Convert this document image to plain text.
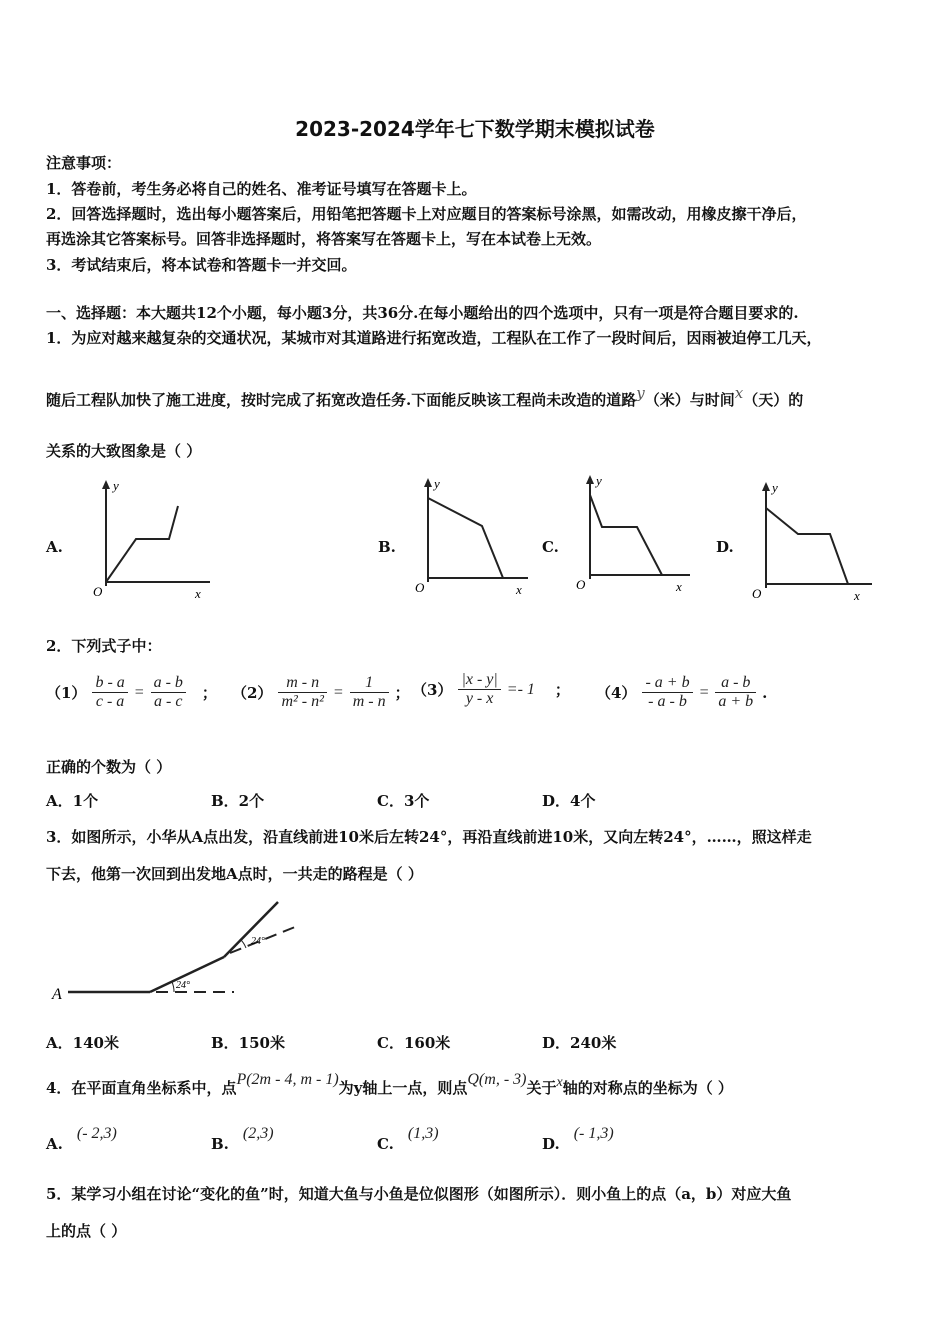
2023-2024学年七下数学期末模拟试卷
注意事项：
1．答卷前，考生务必将自己的姓名、准考证号填写在答题卡上。
2．回答选择题时，选出每小题答案后，用铅笔把答题卡上对应题目的答案标号涂黑，如需改动，用橡皮擦干净后，
再选涂其它答案标号。回答非选择题时，将答案写在答题卡上，写在本试卷上无效。
3．考试结束后，将本试卷和答题卡一并交回。
一、选择题：本大题共12个小题，每小题3分，共36分.在每小题给出的四个选项中，只有一项是符合题目要求的.
1．为应对越来越复杂的交通状况，某城市对其道路进行拓宽改造，工程队在工作了一段时间后，因雨被迫停工几天，
随后工程队加快了施工进度，按时完成了拓宽改造任务.下面能反映该工程尚未改造的道路y（米）与时间x（天）的
关系的大致图象是（ ）
A.
y
O	x
B.
y
O	x
C.
y
O	x
D.
y
O	x
2．下列式子中：
$(1) \frac{b - a}{c - a} = \frac{a - b}{a - c}$ ； $(2) \frac{m - n}{\text{m² - n²}} = \frac{1}{m - n}$ ； $(3) \frac{|x - y|}{y - x} =- 1$ ； $(4) \frac{- a + b}{- a - b} = \frac{a - b}{a + b}$ .
正确的个数为（ ）
A．1个	B．2个	C．3个	D．4个
3．如图所示，小华从A点出发，沿直线前进10米后左转24°，再沿直线前进10米，又向左转24°，……，照这样走
下去，他第一次回到出发地A点时，一共走的路程是（ ）
A
24°
24°
A．140米	B．150米	C．160米	D．240米
4．在平面直角坐标系中，点P(2m - 4, m - 1)为y轴上一点，则点Q(m, - 3)关于x轴的对称点的坐标为（ ）
A.(- 2,3)
B.(2,3)
C.(1,3)
D.(- 1,3)
5．某学习小组在讨论“变化的鱼”时，知道大鱼与小鱼是位似图形（如图所示）．则小鱼上的点（a，b）对应大鱼
上的点（ ）
